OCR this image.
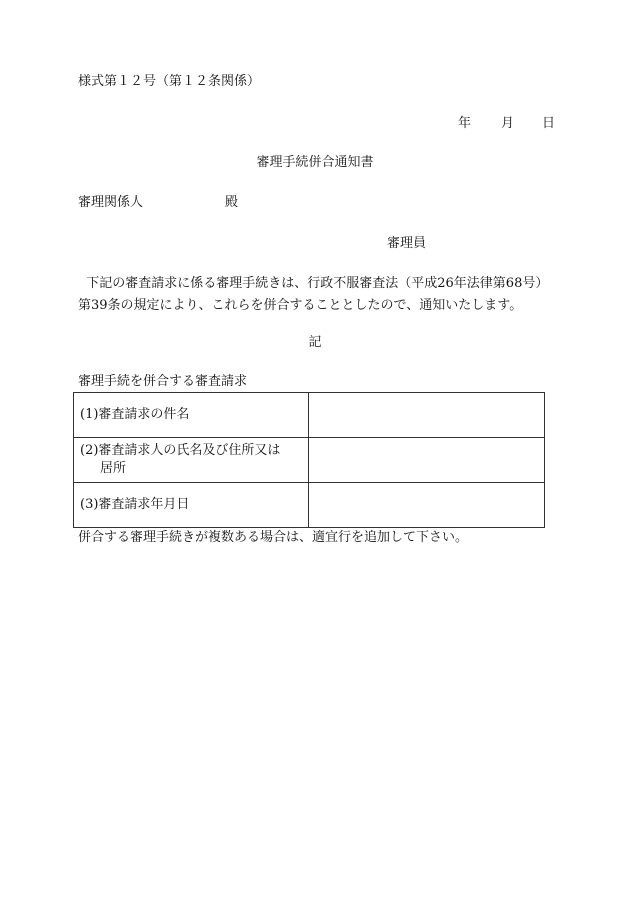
様式第１２号（第１２条関係）
年 月 日
審理手続併合通知書
審理関係人	殿
審理員
下記の審査請求に係る審理手続きは、行政不服審査法（平成26年法律第68号）
第39条の規定により、これらを併合することとしたので、通知いたします。
記
審理手続を併合する審査請求
(1)審査請求の件名	
(2)審査請求人の氏名及び住所又は
居所	

(3)審査請求年月日	
併合する審理手続きが複数ある場合は、適宜行を追加して下さい。
